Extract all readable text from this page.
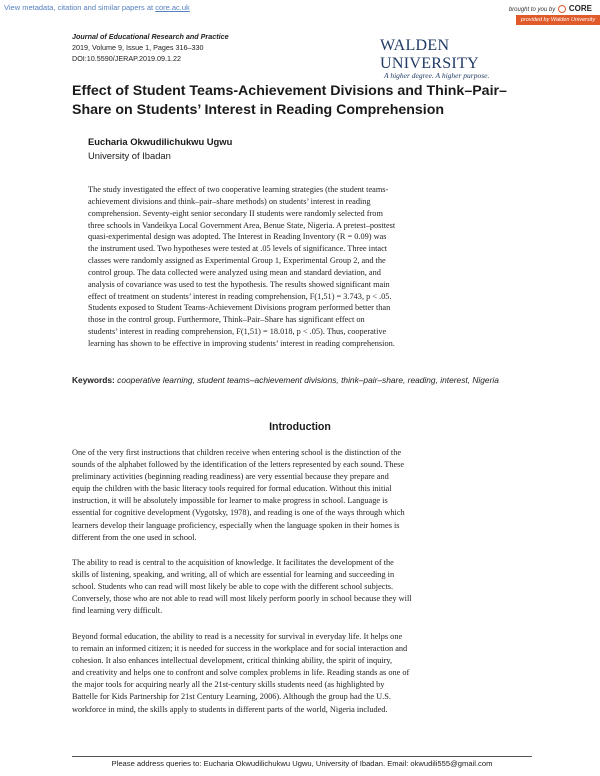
View metadata, citation and similar papers at core.ac.uk	brought to you by CORE
provided by Walden University
Journal of Educational Research and Practice
2019, Volume 9, Issue 1, Pages 316–330
DOI:10.5590/JERAP.2019.09.1.22
WALDEN UNIVERSITY
A higher degree. A higher purpose.
Effect of Student Teams-Achievement Divisions and Think–Pair–Share on Students’ Interest in Reading Comprehension
Eucharia Okwudilichukwu Ugwu
University of Ibadan
The study investigated the effect of two cooperative learning strategies (the student teams-
achievement divisions and think–pair–share methods) on students’ interest in reading
comprehension. Seventy-eight senior secondary II students were randomly selected from
three schools in Vandeikya Local Government Area, Benue State, Nigeria. A pretest–posttest
quasi-experimental design was adopted. The Interest in Reading Inventory (R = 0.09) was
the instrument used. Two hypotheses were tested at .05 levels of significance. Three intact
classes were randomly assigned as Experimental Group 1, Experimental Group 2, and the
control group. The data collected were analyzed using mean and standard deviation, and
analysis of covariance was used to test the hypothesis. The results showed significant main
effect of treatment on students’ interest in reading comprehension, F(1,51) = 3.743, p < .05.
Students exposed to Student Teams-Achievement Divisions program performed better than
those in the control group. Furthermore, Think–Pair–Share has significant effect on
students’ interest in reading comprehension, F(1,51) = 18.018, p < .05). Thus, cooperative
learning has shown to be effective in improving students’ interest in reading comprehension.
Keywords: cooperative learning, student teams–achievement divisions, think–pair–share, reading, interest, Nigeria
Introduction
One of the very first instructions that children receive when entering school is the distinction of the
sounds of the alphabet followed by the identification of the letters represented by each sound. These
preliminary activities (beginning reading readiness) are very essential because they prepare and
equip the children with the basic literacy tools required for formal education. Without this initial
instruction, it will be absolutely impossible for learner to make progress in school. Language is
essential for cognitive development (Vygotsky, 1978), and reading is one of the ways through which
learners develop their language proficiency, especially when the language spoken in their homes is
different from the one used in school.
The ability to read is central to the acquisition of knowledge. It facilitates the development of the
skills of listening, speaking, and writing, all of which are essential for learning and succeeding in
school. Students who can read will most likely be able to cope with the different school subjects.
Conversely, those who are not able to read will most likely perform poorly in school because they will
find learning very difficult.
Beyond formal education, the ability to read is a necessity for survival in everyday life. It helps one
to remain an informed citizen; it is needed for success in the workplace and for social interaction and
cohesion. It also enhances intellectual development, critical thinking ability, the spirit of inquiry,
and creativity and helps one to confront and solve complex problems in life. Reading stands as one of
the major tools for acquiring nearly all the 21st-century skills students need (as highlighted by
Battelle for Kids Partnership for 21st Century Learning, 2006). Although the group had the U.S.
workforce in mind, the skills apply to students in different parts of the world, Nigeria included.
Please address queries to: Eucharia Okwudilichukwu Ugwu, University of Ibadan. Email: okwudili555@gmail.com
